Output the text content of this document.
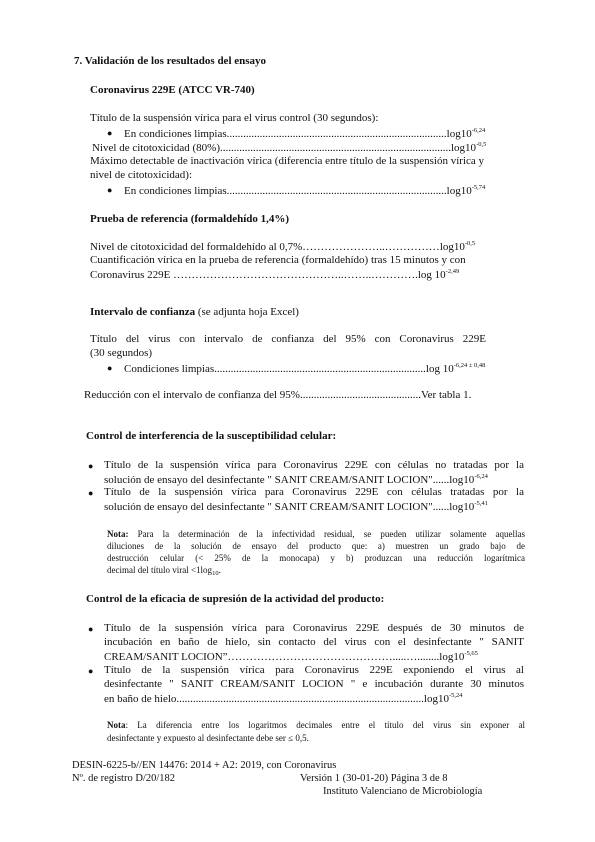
7. Validación de los resultados del ensayo
Coronavirus 229E (ATCC VR-740)
Título de la suspensión vírica para el virus control (30 segundos):
● En condiciones $limpias................................................................................\log 10^{-6,24}$
Nivel de citotoxicidad $(80\%)....................................................................................\log 10^{-0,5}$
Máximo detectable de inactivación vírica (diferencia entre título de la suspensión vírica y
nivel de citotoxicidad):
● En condiciones $limpias................................................................................\log 10^{-5,74}$
Prueba de referencia (formaldehído 1,4%)
Nivel de citotoxicidad del formaldehído al $0,7\%\dots\dots\dots\dots\dots\dots\dots..\dots\dots\dots\dots\dots\log 10^{-0,5}$
Cuantificación vírica en la prueba de referencia (formaldehído) tras 15 minutos y con
Coronavirus 229E ………………………………………..……..………….log $10^{-2,49}$
Intervalo de confianza (se adjunta hoja Excel)
Título del virus con intervalo de confianza del 95% con Coronavirus 229E
(30 segundos)
● Condiciones limpias.............................................................................log $10^{-6,24 \pm 0,48}$
Reducción con el intervalo de confianza del 95%............................................Ver tabla 1.
Control de interferencia de la susceptibilidad celular:
● Título de la suspensión vírica para Coronavirus 229E con células no tratadas por la
solución de ensayo del desinfectante " SANIT CREAM/SANIT $LOCION"......\log 10^{-6,24}$
● Título de la suspensión vírica para Coronavirus 229E con células tratadas por la
solución de ensayo del desinfectante " SANIT CREAM/SANIT $LOCION"......\log 10^{-5,41}$
Nota: Para la determinación de la infectividad residual, se pueden utilizar solamente aquellas
diluciones de la solución de ensayo del producto que: a) muestren un grado bajo de
destrucción celular (< 25% de la monocapa) y b) produzcan una reducción logarítmica
decimal del título viral $<1\log_{10}$.
Control de la eficacia de supresión de la actividad del producto:
● Título de la suspensión vírica para Coronavirus 229E después de 30 minutos de
incubación en baño de hielo, sin contacto del virus con el desinfectante " SANIT
CREAM/SANIT $LOCION”\dots\dots\dots\dots\dots\dots\dots\dots\dots\dots\dots\dots\dots\dots\dots.....\dots........\log 10^{-5,65}$
● Título de la suspensión vírica para Coronavirus 229E exponiendo el virus al
desinfectante " SANIT CREAM/SANIT LOCION " e incubación durante 30 minutos
en baño de $hielo..........................................................................................\log 10^{-5,24}$
Nota: La diferencia entre los logaritmos decimales entre el título del virus sin exponer al
desinfectante y expuesto al desinfectante debe ser ≤ 0,5.
DESIN-6225-b//EN 14476: 2014 + A2: 2019, con Coronavirus
Nº. de registro D/20/182	Versión 1 (30-01-20) Página 3 de 8
Instituto Valenciano de Microbiología
